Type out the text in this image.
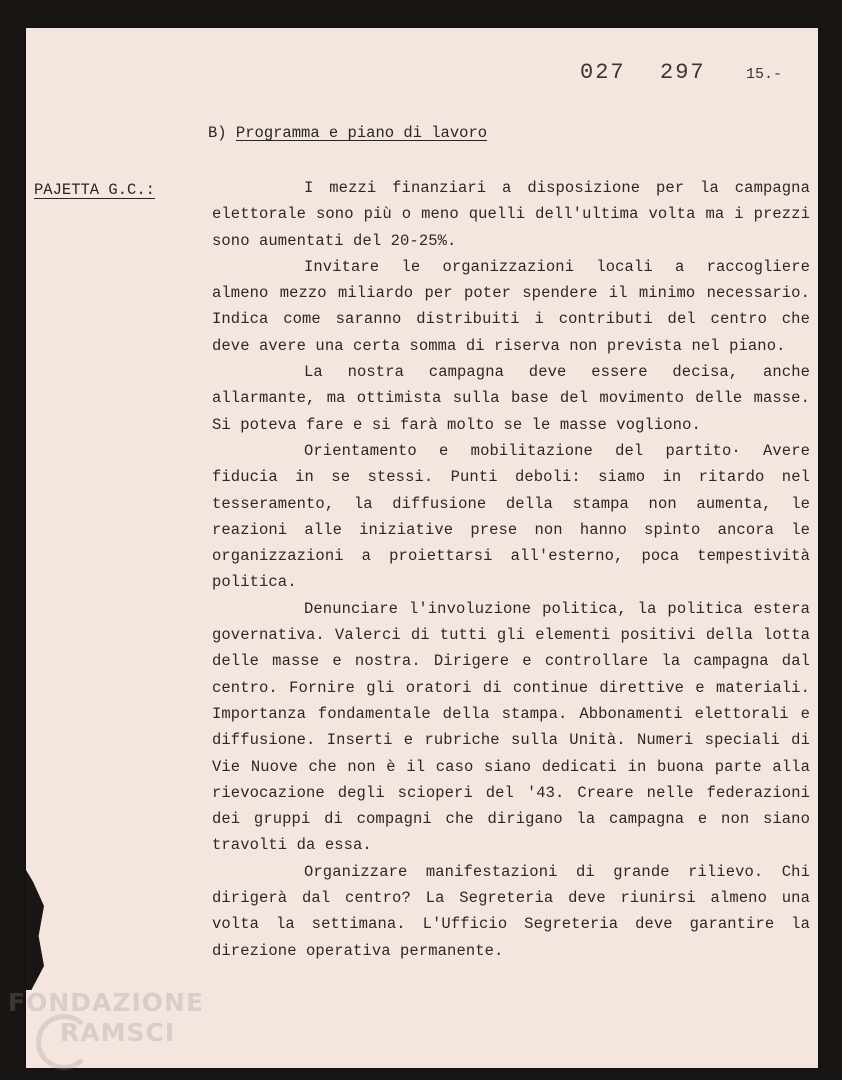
027 297	15.-
B) Programma e piano di lavoro
PAJETTA G.C.:	I mezzi finanziari a disposizione per la campagna elettorale sono più o meno quelli dell'ultima volta ma i prezzi sono aumentati del 20-25%.

Invitare le organizzazioni locali a raccogliere almeno mezzo miliardo per poter spendere il minimo necessario. Indica come saranno distribuiti i contributi del centro che deve avere una certa somma di riserva non prevista nel piano.

La nostra campagna deve essere decisa, anche allarmante, ma ottimista sulla base del movimento delle masse. Si poteva fare e si farà molto se le masse vogliono.

Orientamento e mobilitazione del partito· Avere fiducia in se stessi. Punti deboli: siamo in ritardo nel tesseramento, la diffusione della stampa non aumenta, le reazioni alle iniziative prese non hanno spinto ancora le organizzazioni a proiettarsi all'esterno, poca tempestività politica.

Denunciare l'involuzione politica, la politica estera governativa. Valerci di tutti gli elementi positivi della lotta delle masse e nostra. Dirigere e controllare la campagna dal centro. Fornire gli oratori di continue direttive e materiali. Importanza fondamentale della stampa. Abbonamenti elettorali e diffusione. Inserti e rubriche sulla Unità. Numeri speciali di Vie Nuove che non è il caso siano dedicati in buona parte alla rievocazione degli scioperi del '43. Creare nelle federazioni dei gruppi di compagni che dirigano la campagna e non siano travolti da essa.

Organizzare manifestazioni di grande rilievo. Chi dirigerà dal centro? La Segreteria deve riunirsi almeno una volta la settimana. L'Ufficio Segreteria deve garantire la direzione operativa permanente.

FONDAZIONE
RAMSCI
